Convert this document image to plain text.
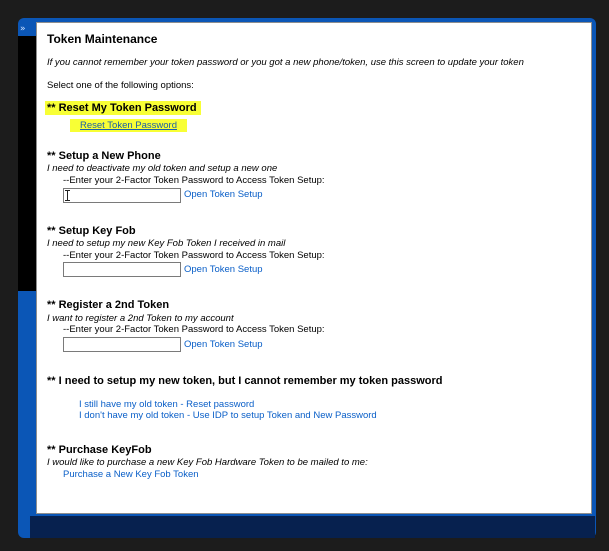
»
Token Maintenance
If you cannot remember your token password or you got a new phone/token, use this screen to update your token
Select one of the following options:
** Reset My Token Password
Reset Token Password
** Setup a New Phone
I need to deactivate my old token and setup a new one
--Enter your 2-Factor Token Password to Access Token Setup:
Open Token Setup
** Setup Key Fob
I need to setup my new Key Fob Token I received in mail
--Enter your 2-Factor Token Password to Access Token Setup:
Open Token Setup
** Register a 2nd Token
I want to register a 2nd Token to my account
--Enter your 2-Factor Token Password to Access Token Setup:
Open Token Setup
** I need to setup my new token, but I cannot remember my token password
I still have my old token - Reset password
I don't have my old token - Use IDP to setup Token and New Password
** Purchase KeyFob
I would like to purchase a new Key Fob Hardware Token to be mailed to me:
Purchase a New Key Fob Token
